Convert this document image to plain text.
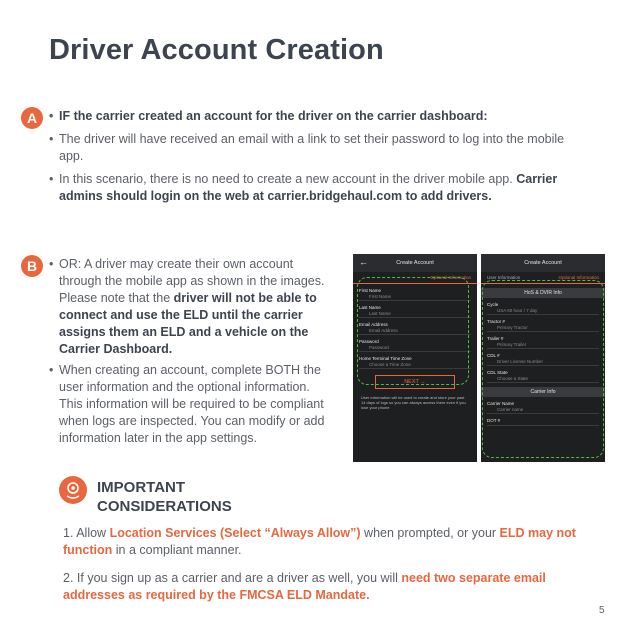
Driver Account Creation
A	• IF the carrier created an account for the driver on the carrier dashboard:
• The driver will have received an email with a link to set their password to log into the mobile app.
• In this scenario, there is no need to create a new account in the driver mobile app. Carrier admins should login on the web at carrier.bridgehaul.com to add drivers.
B	• OR: A driver may create their own account through the mobile app as shown in the images. Please note that the driver will not be able to connect and use the ELD until the carrier assigns them an ELD and a vehicle on the Carrier Dashboard.
• When creating an account, complete BOTH the user information and the optional information. This information will be required to be compliant when logs are inspected. You can modify or add information later in the app settings.
←	Create Account
Optional Information
First Name
First Name
Last Name
Last Name
Email Address
Email Address
Password
Password
Home Terminal Time Zone
Choose a Time Zone
NEXT →
User information will be used to create and store your past 14 days of logs so you can always access them even if you lose your phone
Create Account
User Information	Optional Information
HoS & DVIR Info
Cycle
USA 60 hour / 7 day
Tractor #
Primary Tractor
Trailer #
Primary Trailer
CDL #
Driver License Number
CDL State
Choose a State
Carrier Info
Carrier Name
Carrier name
DOT #
IMPORTANT CONSIDERATIONS
1. Allow Location Services (Select “Always Allow”) when prompted, or your ELD may not function in a compliant manner.
2. If you sign up as a carrier and are a driver as well, you will need two separate email addresses as required by the FMCSA ELD Mandate.
5
